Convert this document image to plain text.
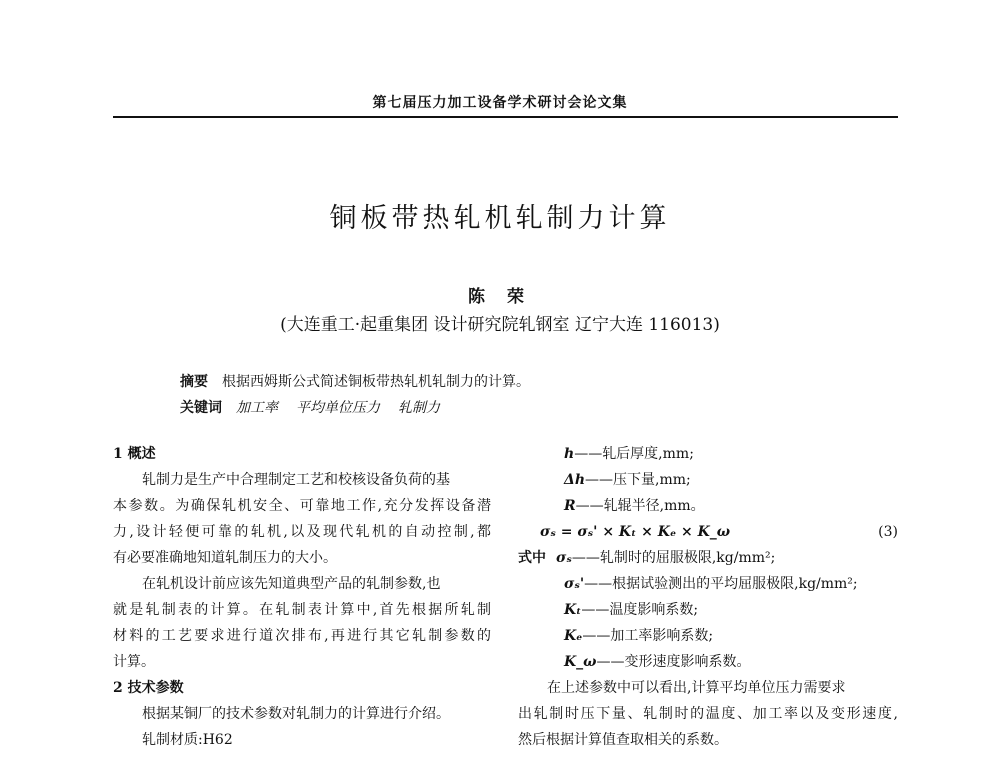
第七届压力加工设备学术研讨会论文集
铜板带热轧机轧制力计算
陈 荣
(大连重工·起重集团 设计研究院轧钢室 辽宁大连 116013)
摘要 根据西姆斯公式简述铜板带热轧机轧制力的计算。
关键词 加工率 平均单位压力 轧制力
1 概述
轧制力是生产中合理制定工艺和校核设备负荷的基
本参数。为确保轧机安全、可靠地工作,充分发挥设备潜
力,设计轻便可靠的轧机,以及现代轧机的自动控制,都
有必要准确地知道轧制压力的大小。
在轧机设计前应该先知道典型产品的轧制参数,也
就是轧制表的计算。在轧制表计算中,首先根据所轧制
材料的工艺要求进行道次排布,再进行其它轧制参数的
计算。
2 技术参数
根据某铜厂的技术参数对轧制力的计算进行介绍。
轧制材质:H62
h——轧后厚度,mm;
Δh——压下量,mm;
R——轧辊半径,mm。
σₛ = σₛ' × Kₜ × Kₑ × K_ω	(3)
式中 σₛ——轧制时的屈服极限,kg/mm²;
σₛ'——根据试验测出的平均屈服极限,kg/mm²;
Kₜ——温度影响系数;
Kₑ——加工率影响系数;
K_ω——变形速度影响系数。
在上述参数中可以看出,计算平均单位压力需要求
出轧制时压下量、轧制时的温度、加工率以及变形速度,
然后根据计算值查取相关的系数。
